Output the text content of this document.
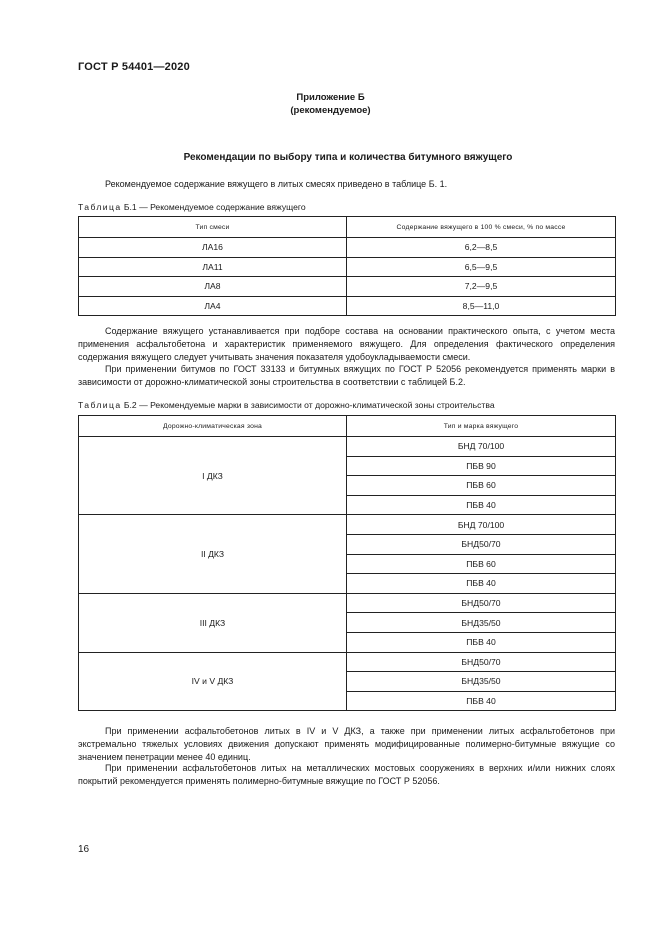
ГОСТ Р 54401—2020
Приложение Б
(рекомендуемое)
Рекомендации по выбору типа и количества битумного вяжущего
Рекомендуемое содержание вяжущего в литых смесях приведено в таблице Б. 1.
Таблица Б.1 — Рекомендуемое содержание вяжущего
Тип смеси	Содержание вяжущего в 100 % смеси, % по массе
ЛА16	6,2—8,5
ЛА11	6,5—9,5
ЛА8	7,2—9,5
ЛА4	8,5—11,0
Содержание вяжущего устанавливается при подборе состава на основании практического опыта, с учетом места применения асфальтобетона и характеристик применяемого вяжущего. Для определения фактического определения содержания вяжущего следует учитывать значения показателя удобоукладываемости смеси.
При применении битумов по ГОСТ 33133 и битумных вяжущих по ГОСТ Р 52056 рекомендуется применять марки в зависимости от дорожно-климатической зоны строительства в соответствии с таблицей Б.2.
Таблица Б.2 — Рекомендуемые марки в зависимости от дорожно-климатической зоны строительства
Дорожно-климатическая зона	Тип и марка вяжущего
I ДКЗ	БНД 70/100
	ПБВ 90
	ПБВ 60
	ПБВ 40
II ДКЗ	БНД 70/100
	БНД50/70
	ПБВ 60
	ПБВ 40
III ДКЗ	БНД50/70
	БНД35/50
	ПБВ 40
IV и V ДКЗ	БНД50/70
	БНД35/50
	ПБВ 40
При применении асфальтобетонов литых в IV и V ДКЗ, а также при применении литых асфальтобетонов при экстремально тяжелых условиях движения допускают применять модифицированные полимерно-битумные вяжущие со значением пенетрации менее 40 единиц.
При применении асфальтобетонов литых на металлических мостовых сооружениях в верхних и/или нижних слоях покрытий рекомендуется применять полимерно-битумные вяжущие по ГОСТ Р 52056.
16
